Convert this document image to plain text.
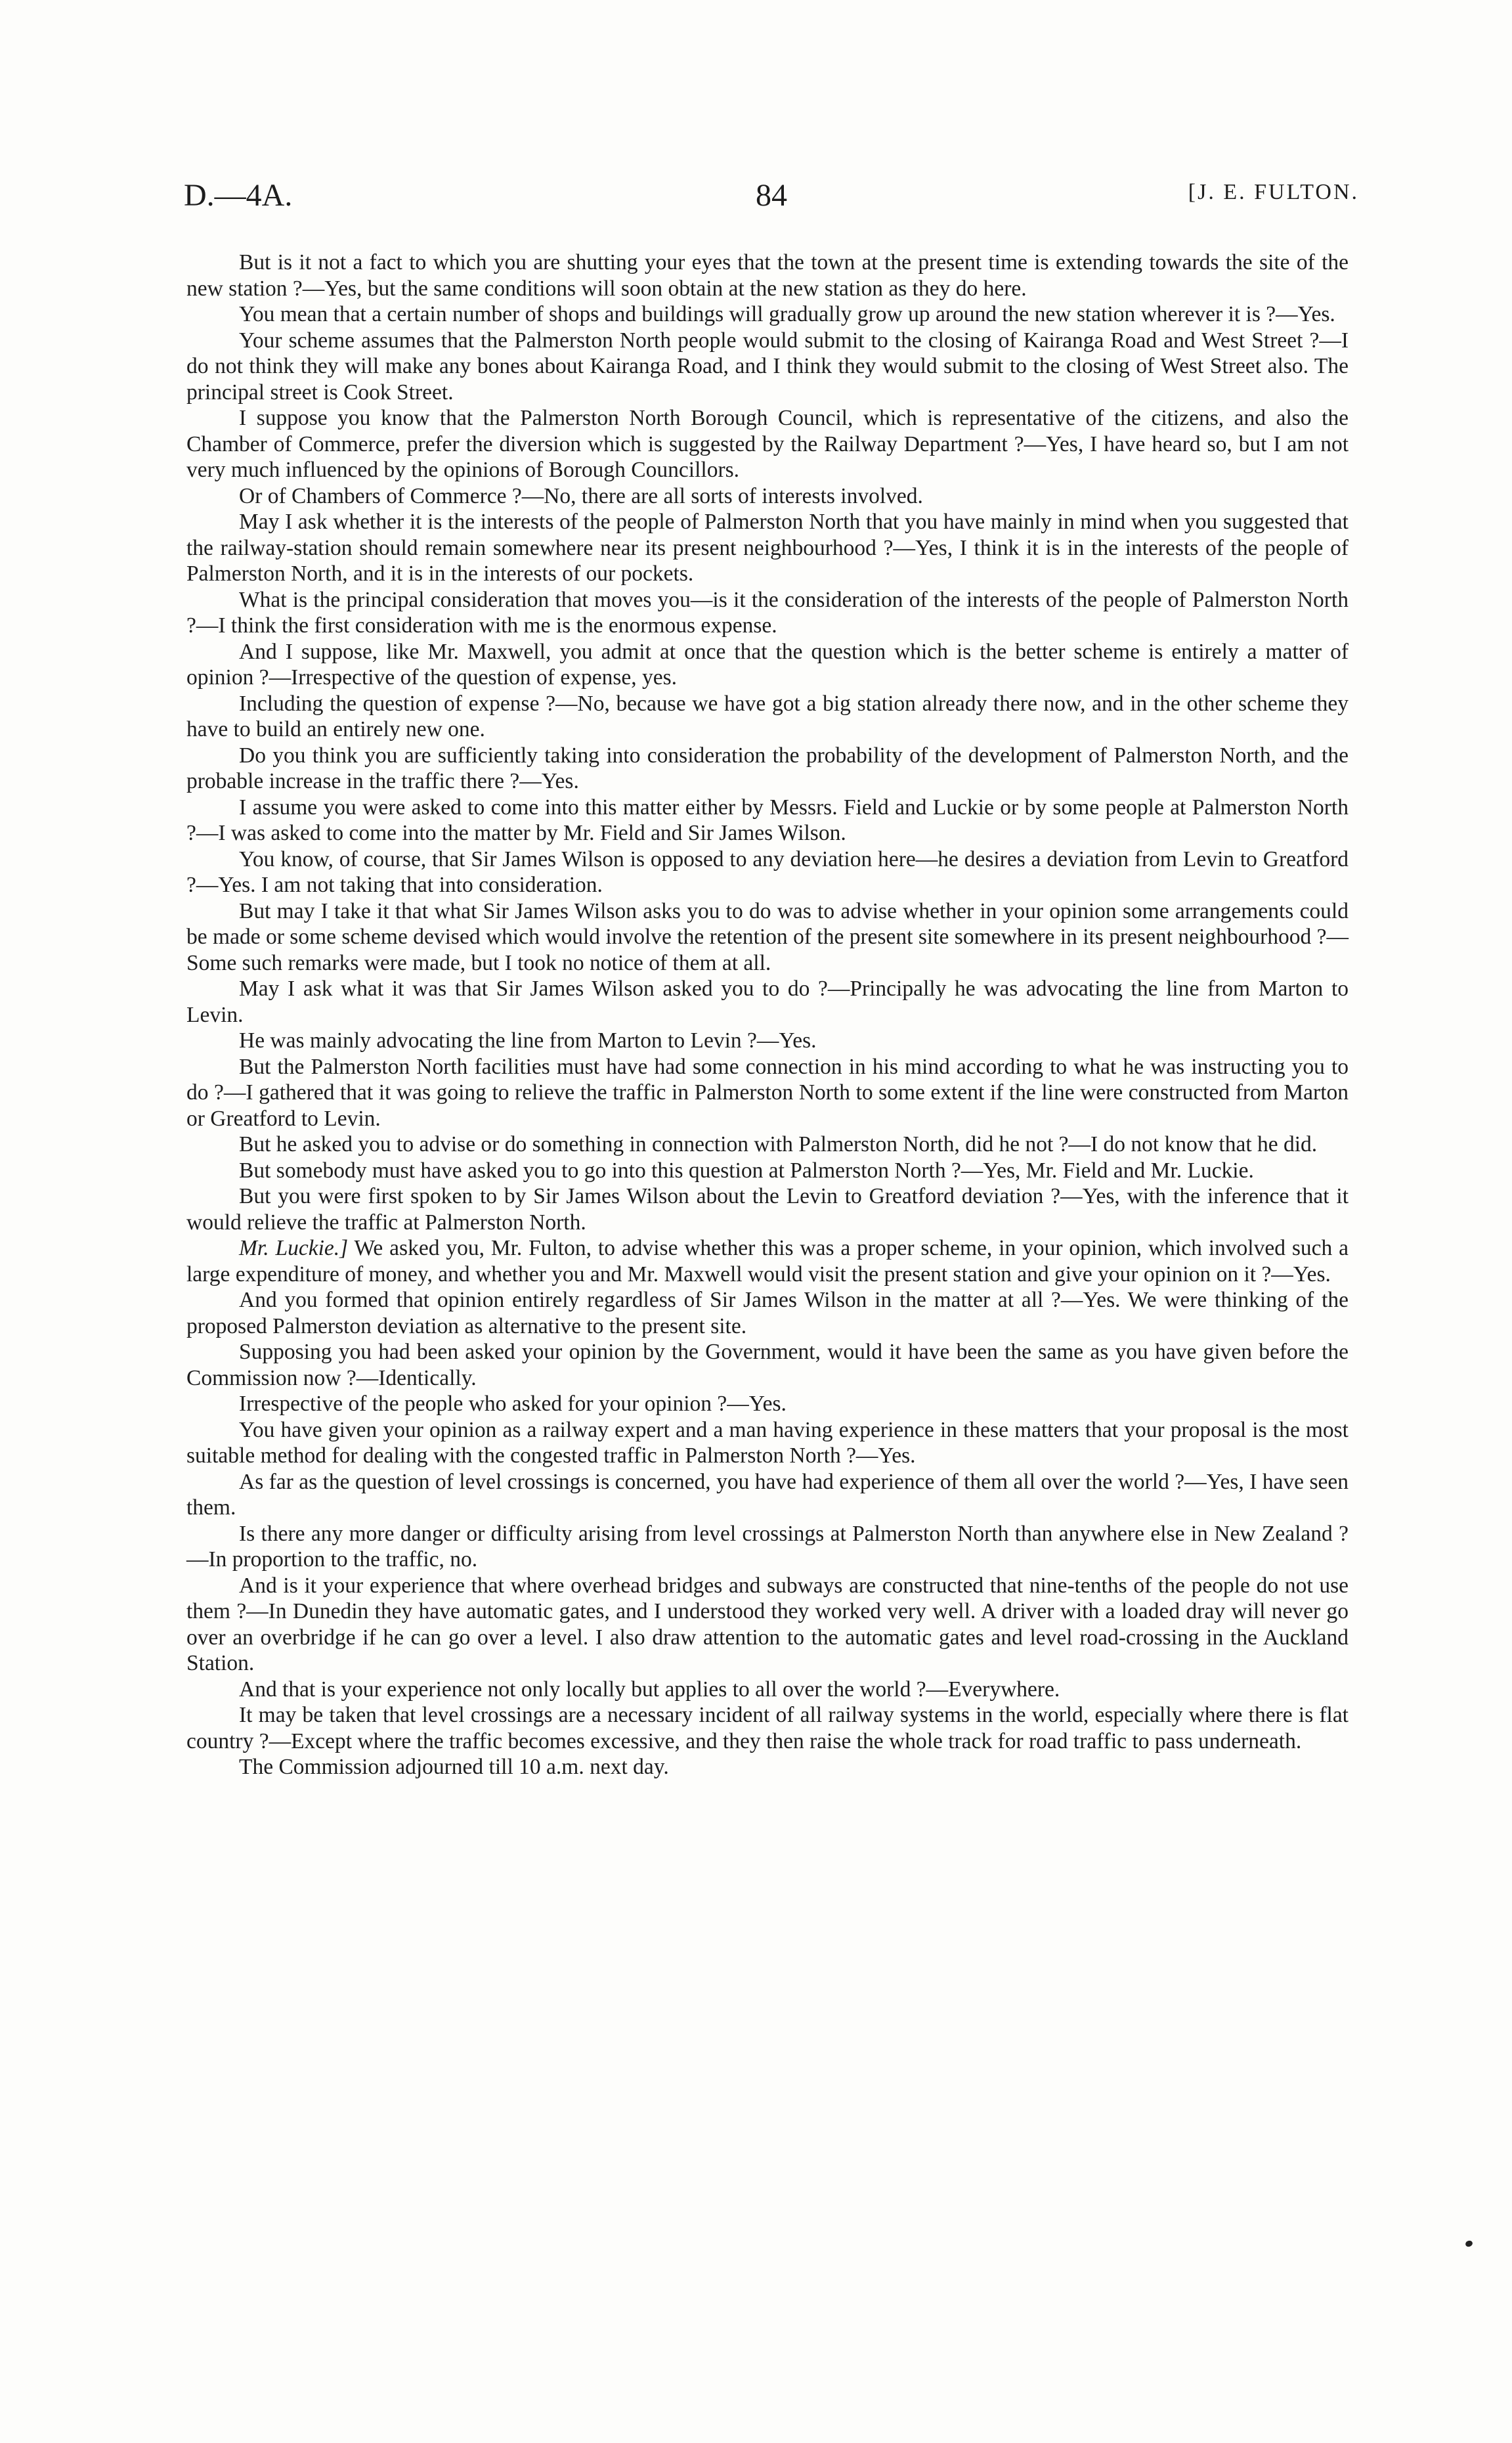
D.—4A.	84	[J. E. FULTON.

But is it not a fact to which you are shutting your eyes that the town at the present time is extending towards the site of the new station ?—Yes, but the same conditions will soon obtain at the new station as they do here.

You mean that a certain number of shops and buildings will gradually grow up around the new station wherever it is ?—Yes.

Your scheme assumes that the Palmerston North people would submit to the closing of Kairanga Road and West Street ?—I do not think they will make any bones about Kairanga Road, and I think they would submit to the closing of West Street also. The principal street is Cook Street.

I suppose you know that the Palmerston North Borough Council, which is representative of the citizens, and also the Chamber of Commerce, prefer the diversion which is suggested by the Railway Department ?—Yes, I have heard so, but I am not very much influenced by the opinions of Borough Councillors.

Or of Chambers of Commerce ?—No, there are all sorts of interests involved.

May I ask whether it is the interests of the people of Palmerston North that you have mainly in mind when you suggested that the railway-station should remain somewhere near its present neighbourhood ?—Yes, I think it is in the interests of the people of Palmerston North, and it is in the interests of our pockets.

What is the principal consideration that moves you—is it the consideration of the interests of the people of Palmerston North ?—I think the first consideration with me is the enormous expense.

And I suppose, like Mr. Maxwell, you admit at once that the question which is the better scheme is entirely a matter of opinion ?—Irrespective of the question of expense, yes.

Including the question of expense ?—No, because we have got a big station already there now, and in the other scheme they have to build an entirely new one.

Do you think you are sufficiently taking into consideration the probability of the development of Palmerston North, and the probable increase in the traffic there ?—Yes.

I assume you were asked to come into this matter either by Messrs. Field and Luckie or by some people at Palmerston North ?—I was asked to come into the matter by Mr. Field and Sir James Wilson.

You know, of course, that Sir James Wilson is opposed to any deviation here—he desires a deviation from Levin to Greatford ?—Yes. I am not taking that into consideration.

But may I take it that what Sir James Wilson asks you to do was to advise whether in your opinion some arrangements could be made or some scheme devised which would involve the retention of the present site somewhere in its present neighbourhood ?—Some such remarks were made, but I took no notice of them at all.

May I ask what it was that Sir James Wilson asked you to do ?—Principally he was advocating the line from Marton to Levin.

He was mainly advocating the line from Marton to Levin ?—Yes.

But the Palmerston North facilities must have had some connection in his mind according to what he was instructing you to do ?—I gathered that it was going to relieve the traffic in Palmerston North to some extent if the line were constructed from Marton or Greatford to Levin.

But he asked you to advise or do something in connection with Palmerston North, did he not ?—I do not know that he did.

But somebody must have asked you to go into this question at Palmerston North ?—Yes, Mr. Field and Mr. Luckie.

But you were first spoken to by Sir James Wilson about the Levin to Greatford deviation ?—Yes, with the inference that it would relieve the traffic at Palmerston North.

Mr. Luckie.] We asked you, Mr. Fulton, to advise whether this was a proper scheme, in your opinion, which involved such a large expenditure of money, and whether you and Mr. Maxwell would visit the present station and give your opinion on it ?—Yes.

And you formed that opinion entirely regardless of Sir James Wilson in the matter at all ?—Yes. We were thinking of the proposed Palmerston deviation as alternative to the present site.

Supposing you had been asked your opinion by the Government, would it have been the same as you have given before the Commission now ?—Identically.

Irrespective of the people who asked for your opinion ?—Yes.

You have given your opinion as a railway expert and a man having experience in these matters that your proposal is the most suitable method for dealing with the congested traffic in Palmerston North ?—Yes.

As far as the question of level crossings is concerned, you have had experience of them all over the world ?—Yes, I have seen them.

Is there any more danger or difficulty arising from level crossings at Palmerston North than anywhere else in New Zealand ?—In proportion to the traffic, no.

And is it your experience that where overhead bridges and subways are constructed that nine-tenths of the people do not use them ?—In Dunedin they have automatic gates, and I understood they worked very well. A driver with a loaded dray will never go over an overbridge if he can go over a level. I also draw attention to the automatic gates and level road-crossing in the Auckland Station.

And that is your experience not only locally but applies to all over the world ?—Everywhere.

It may be taken that level crossings are a necessary incident of all railway systems in the world, especially where there is flat country ?—Except where the traffic becomes excessive, and they then raise the whole track for road traffic to pass underneath.

The Commission adjourned till 10 a.m. next day.
